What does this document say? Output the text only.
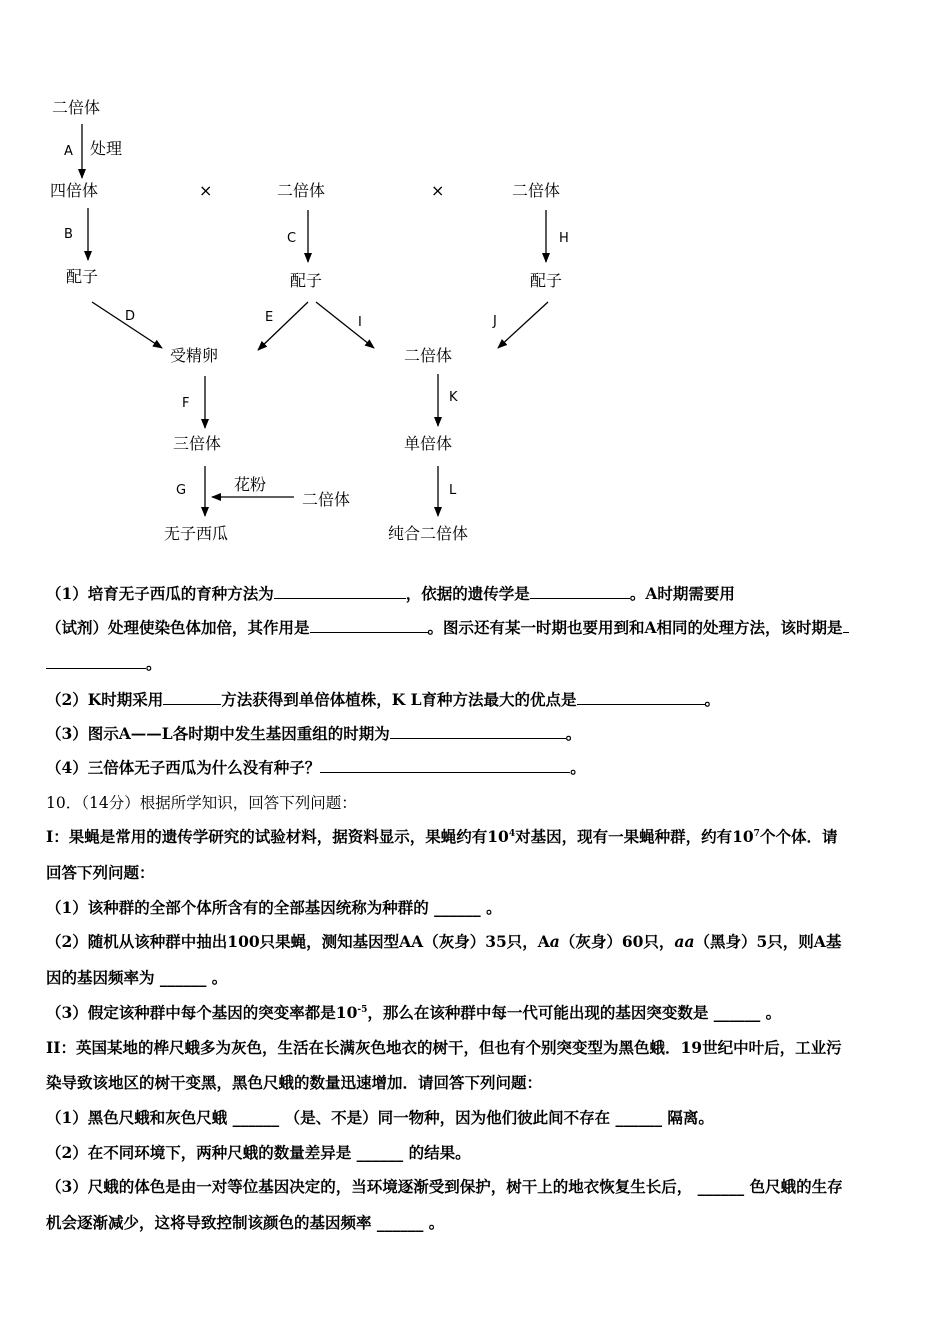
二倍体
A 处理
四倍体	×	二倍体	×	二倍体
B	C	H
配子	配子	配子
D	E	I	J
受精卵	二倍体
F	K
三倍体	单倍体
G	花粉
二倍体	L
无子西瓜	纯合二倍体
（1）培育无子西瓜的育种方法为	，依据的遗传学是	。A时期需要用
（试剂）处理使染色体加倍，其作用是	。图示还有某一时期也要用到和A相同的处理方法，该时期是
。
（2）K时期采用	方法获得到单倍体植株，K L育种方法最大的优点是	。
（3）图示A——L各时期中发生基因重组的时期为	。
（4）三倍体无子西瓜为什么没有种子？	。
10．（14分）根据所学知识，回答下列问题：
I：果蝇是常用的遗传学研究的试验材料，据资料显示，果蝇约有$10^4$对基因，现有一果蝇种群，约有$10^7$个个体．请
回答下列问题：
（1）该种群的全部个体所含有的全部基因统称为种群的 ______ 。
（2）随机从该种群中抽出100只果蝇，测知基因型AA（灰身）35只，Aa（灰身）60只，aa（黑身）5只，则A基
因的基因频率为 ______ 。
（3）假定该种群中每个基因的突变率都是$10^{-5}$，那么在该种群中每一代可能出现的基因突变数是 ______ 。
II：英国某地的桦尺蛾多为灰色，生活在长满灰色地衣的树干，但也有个别突变型为黑色蛾．19世纪中叶后，工业污
染导致该地区的树干变黑，黑色尺蛾的数量迅速增加．请回答下列问题：
（1）黑色尺蛾和灰色尺蛾 ______ （是、不是）同一物种，因为他们彼此间不存在 ______ 隔离。
（2）在不同环境下，两种尺蛾的数量差异是 ______ 的结果。
（3）尺蛾的体色是由一对等位基因决定的，当环境逐渐受到保护，树干上的地衣恢复生长后， ______ 色尺蛾的生存
机会逐渐减少，这将导致控制该颜色的基因频率 ______ 。
